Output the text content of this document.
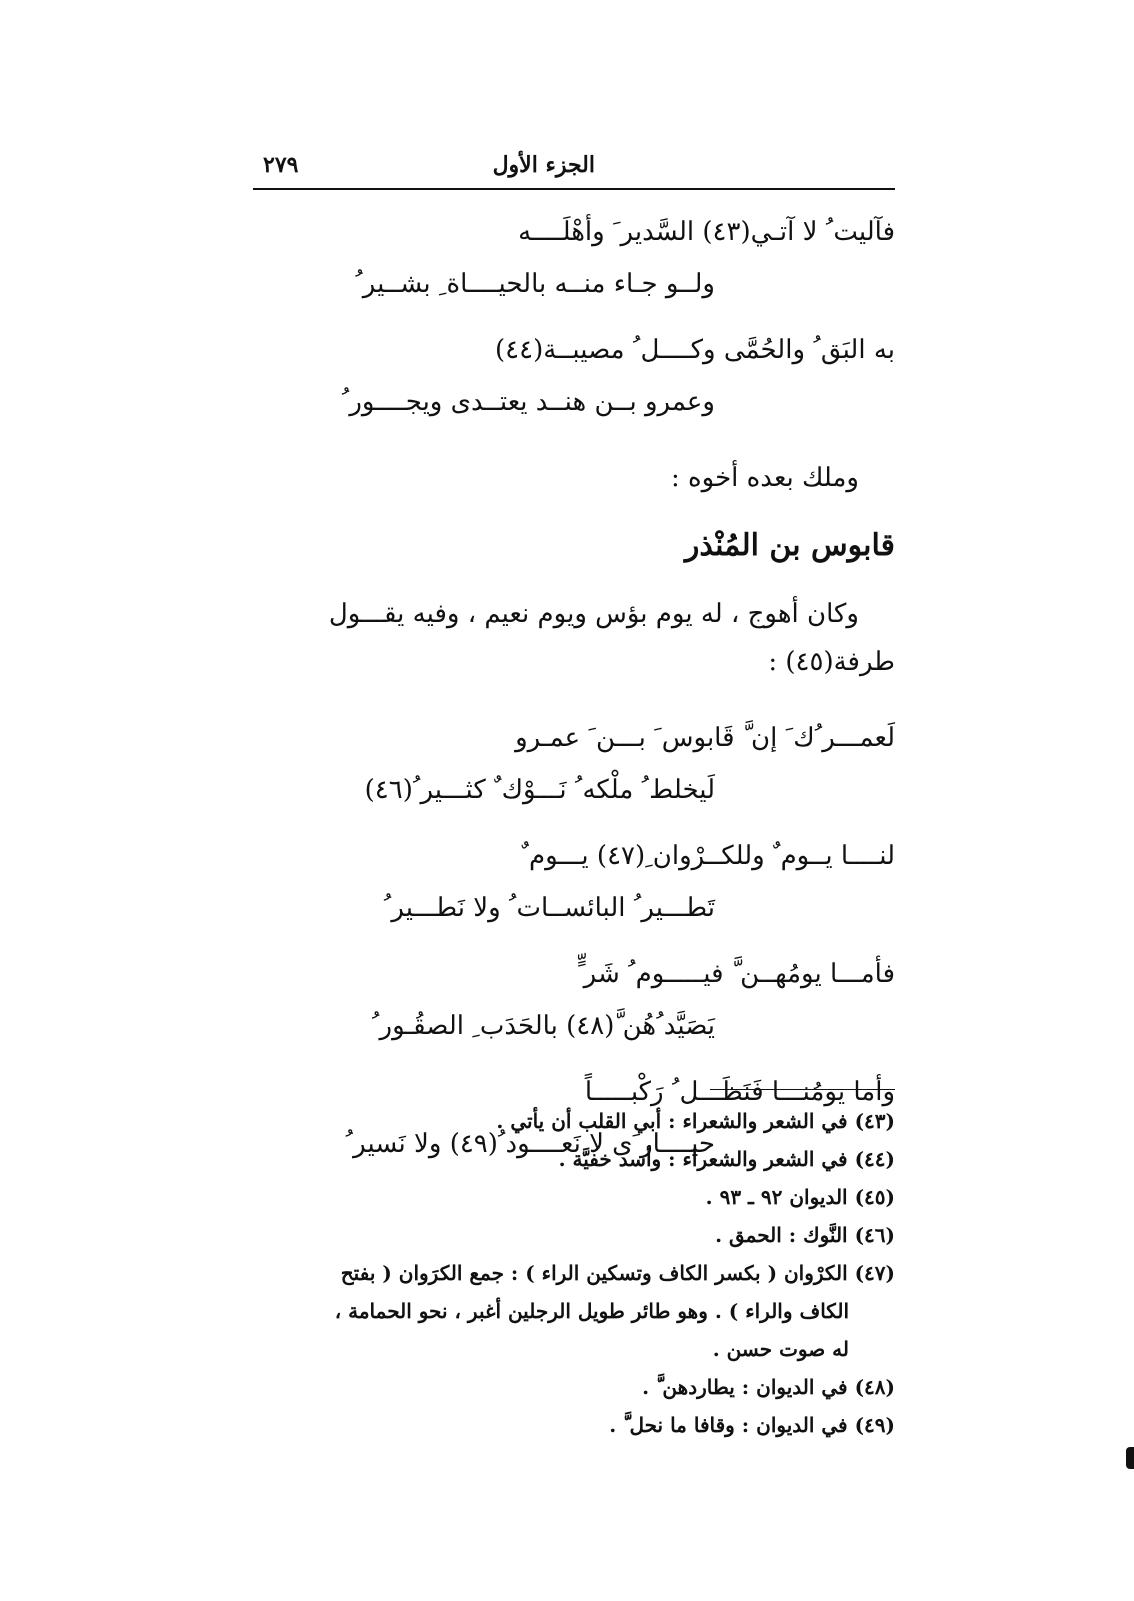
الجزء الأول
٢٧٩
فآليت ُ لا آتـي(٤٣) السَّدير َ وأهْلَــــه
ولــو جـاء منــه بالحيــــاة ِ بشــير ُ
به البَق ُ والحُمَّى وكــــل ُ مصيبــة(٤٤)
وعمرو بــن هنــد يعتــدى ويجــــور ُ
وملك بعده أخوه :
قابوس بن المُنْذر
وكان أهوج ، له يوم بؤس ويوم نعيم ، وفيه يقـــول
طرفة(٤٥) :
لَعمـــر ُك َ إن َّ قَابوس َ بـــن َ عمـرو
لَيخلط ُ ملْكه ُ نَـــوْك ٌ كثـــير ُ(٤٦)
لنــــا يــوم ٌ وللكــرْوان ِ(٤٧) يـــوم ٌ
تَطـــير ُ البائســات ُ ولا نَطـــير ُ
فأمـــا يومُهــن َّ فيـــــوم ُ شَر ٍّ
يَصَيَّد ُهُن َّ(٤٨) بالحَدَب ِ الصقُـور ُ
وأما يومُنـــا فَنَظَـــل ُ رَكْبـــــاً
حيــــار َى لا نَعــــود ُ(٤٩) ولا نَسير ُ
(٤٣) في الشعر والشعراء : أبي القلب أن يأتي .
(٤٤) في الشعر والشعراء : وأسد خفيَّة .
(٤٥) الديوان ٩٢ ـ ٩٣ .
(٤٦) النَّوك : الحمق .
(٤٧) الكرْوان ( بكسر الكاف وتسكين الراء ) : جمع الكرَوان ( بفتح
الكاف والراء ) . وهو طائر طويل الرجلين أغبر ، نحو الحمامة ،
له صوت حسن .
(٤٨) في الديوان : يطاردهن َّ .
(٤٩) في الديوان : وقافا ما نحل َّ .
